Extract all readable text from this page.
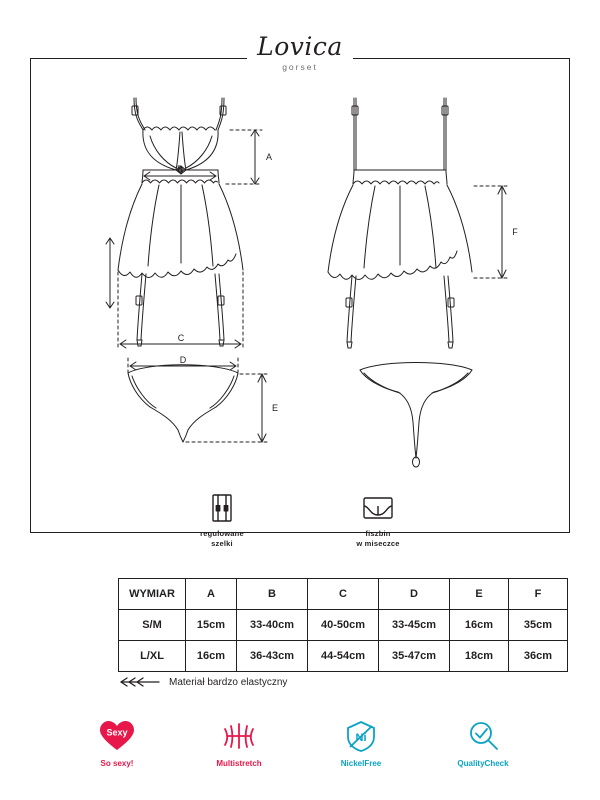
Lovica
gorset
A
B
C
D
E
F
regulowane
szelki
fiszbin
w miseczce
WYMIAR	A	B	C	D	E	F
S/M	15cm	33-40cm	40-50cm	33-45cm	16cm	35cm
L/XL	16cm	36-43cm	44-54cm	35-47cm	18cm	36cm
Materiał bardzo elastyczny
Sexy
So sexy!	Multistretch
Ni
NickelFree	QualityCheck
